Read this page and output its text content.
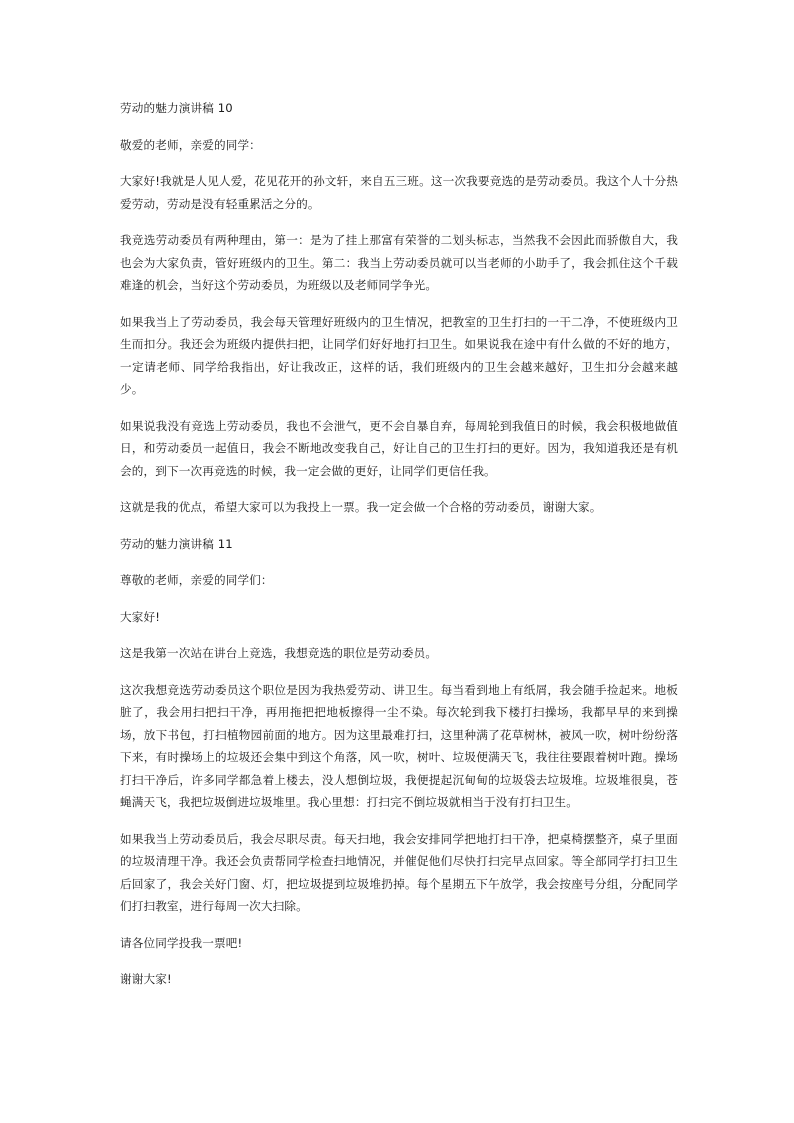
劳动的魅力演讲稿 10

敬爱的老师，亲爱的同学：

大家好!我就是人见人爱，花见花开的孙文轩，来自五三班。这一次我要竞选的是劳动委员。我这个人十分热爱劳动，劳动是没有轻重累活之分的。

我竞选劳动委员有两种理由，第一：是为了挂上那富有荣誉的二划头标志，当然我不会因此而骄傲自大，我也会为大家负责，管好班级内的卫生。第二：我当上劳动委员就可以当老师的小助手了，我会抓住这个千载难逢的机会，当好这个劳动委员，为班级以及老师同学争光。

如果我当上了劳动委员，我会每天管理好班级内的卫生情况，把教室的卫生打扫的一干二净，不使班级内卫生而扣分。我还会为班级内提供扫把，让同学们好好地打扫卫生。如果说我在途中有什么做的不好的地方，一定请老师、同学给我指出，好让我改正，这样的话，我们班级内的卫生会越来越好，卫生扣分会越来越少。

如果说我没有竞选上劳动委员，我也不会泄气，更不会自暴自弃，每周轮到我值日的时候，我会积极地做值日，和劳动委员一起值日，我会不断地改变我自己，好让自己的卫生打扫的更好。因为，我知道我还是有机会的，到下一次再竞选的时候，我一定会做的更好，让同学们更信任我。

这就是我的优点，希望大家可以为我投上一票。我一定会做一个合格的劳动委员，谢谢大家。

劳动的魅力演讲稿 11

尊敬的老师，亲爱的同学们：

大家好!

这是我第一次站在讲台上竞选，我想竞选的职位是劳动委员。

这次我想竞选劳动委员这个职位是因为我热爱劳动、讲卫生。每当看到地上有纸屑，我会随手捡起来。地板脏了，我会用扫把扫干净，再用拖把把地板擦得一尘不染。每次轮到我下楼打扫操场，我都早早的来到操场，放下书包，打扫植物园前面的地方。因为这里最难打扫，这里种满了花草树林，被风一吹，树叶纷纷落下来，有时操场上的垃圾还会集中到这个角落，风一吹，树叶、垃圾便满天飞，我往往要跟着树叶跑。操场打扫干净后，许多同学都急着上楼去，没人想倒垃圾，我便提起沉甸甸的垃圾袋去垃圾堆。垃圾堆很臭，苍蝇满天飞，我把垃圾倒进垃圾堆里。我心里想：打扫完不倒垃圾就相当于没有打扫卫生。

如果我当上劳动委员后，我会尽职尽责。每天扫地，我会安排同学把地打扫干净，把桌椅摆整齐，桌子里面的垃圾清理干净。我还会负责帮同学检查扫地情况，并催促他们尽快打扫完早点回家。等全部同学打扫卫生后回家了，我会关好门窗、灯，把垃圾提到垃圾堆扔掉。每个星期五下午放学，我会按座号分组，分配同学们打扫教室，进行每周一次大扫除。

请各位同学投我一票吧!

谢谢大家!
